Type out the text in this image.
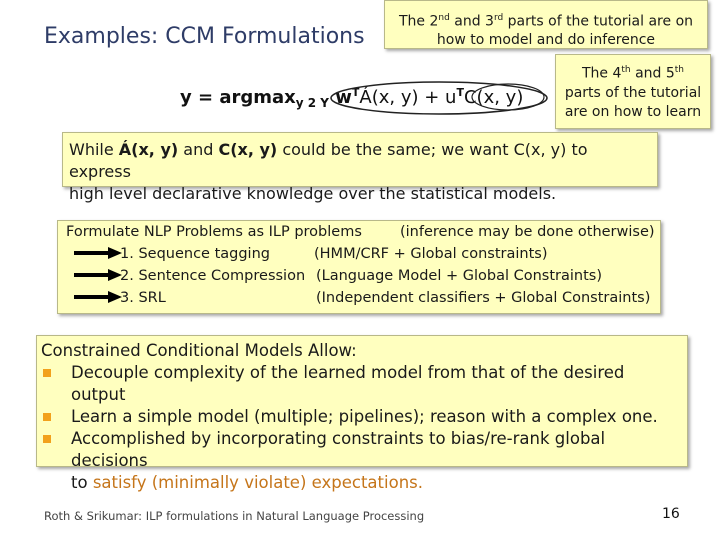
Examples: CCM Formulations
The 2nd and 3rd parts of the tutorial are on
how to model and do inference
y = argmax$_{y 2 Y}$ $w^TÁ(x$, $y) + u^TC(x$, y)
The 4th and 5th
parts of the tutorial
are on how to learn
While Á(x, y) and C(x, y) could be the same; we want C(x, y) to express
high level declarative knowledge over the statistical models.
Formulate NLP Problems as ILP problems	(inference may be done otherwise)
1. Sequence tagging	(HMM/CRF + Global constraints)
2. Sentence Compression (Language Model + Global Constraints)
3. SRL	(Independent classifiers + Global Constraints)
Constrained Conditional Models Allow:
Decouple complexity of the learned model from that of the desired output
Learn a simple model (multiple; pipelines); reason with a complex one.
Accomplished by incorporating constraints to bias/re-rank global decisions
to satisfy (minimally violate) expectations.
Roth & Srikumar: ILP formulations in Natural Language Processing	16
